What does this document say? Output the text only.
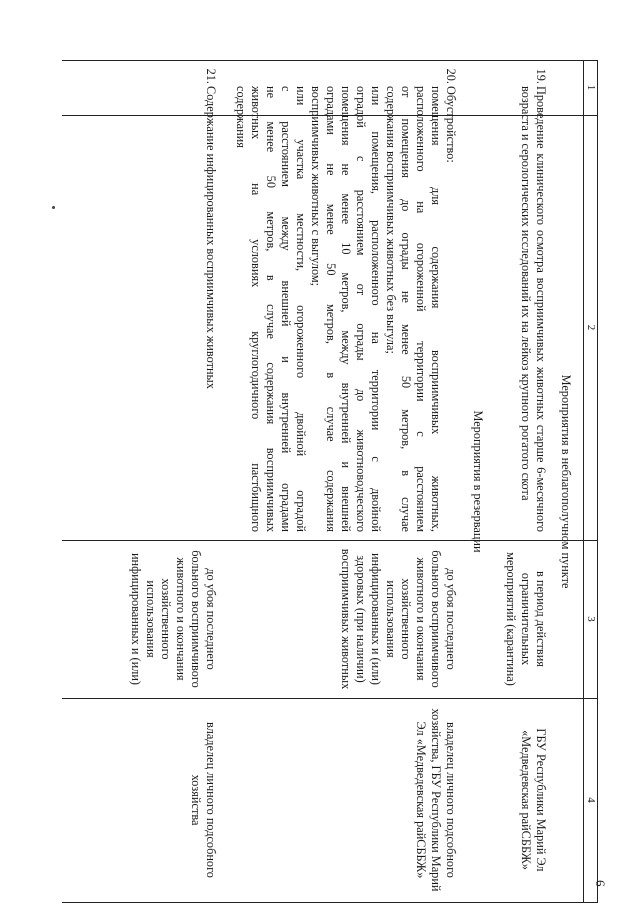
6
1
2
3
4
Мероприятия в неблагополучном пункте
19.
Проведение клинического осмотра восприимчивых животных старше 6-месячного возраста и серологических исследований их на лейкоз крупного рогатого скота
в период действия ограничительных мероприятий (карантина)
ГБУ Республики Марий Эл «Медведевская райСББЖ»
Мероприятия в резервации
20.
Обустройство:
помещения для содержания восприимчивых животных,
расположенного на огороженной территории с расстоянием
от помещения до ограды не менее 50 метров, в случае
содержания восприимчивых животных без выгула;
или помещения, расположенного на территории с двойной
оградой с расстоянием от ограды до животноводческого
помещения не менее 10 метров, между внутренней и внешней
оградами не менее 50 метров, в случае содержания
восприимчивых животных с выгулом;
или участка местности, огороженного двойной оградой
с расстоянием между внешней и внутренней оградами
не менее 50 метров, в случае содержания восприимчивых
животных на условиях круглогодичного пастбищного
содержания
до убоя последнего больного восприимчивого животного и окончания хозяйственного использования инфицированных и (или) здоровых (при наличии) восприимчивых животных
владелец личного подсобного хозяйства, ГБУ Республики Марий Эл «Медведевская райСББЖ»
21.
Содержание инфицированных восприимчивых животных
до убоя последнего больного восприимчивого животного и окончания хозяйственного использования инфицированных и (или)
владелец личного подсобного хозяйства
